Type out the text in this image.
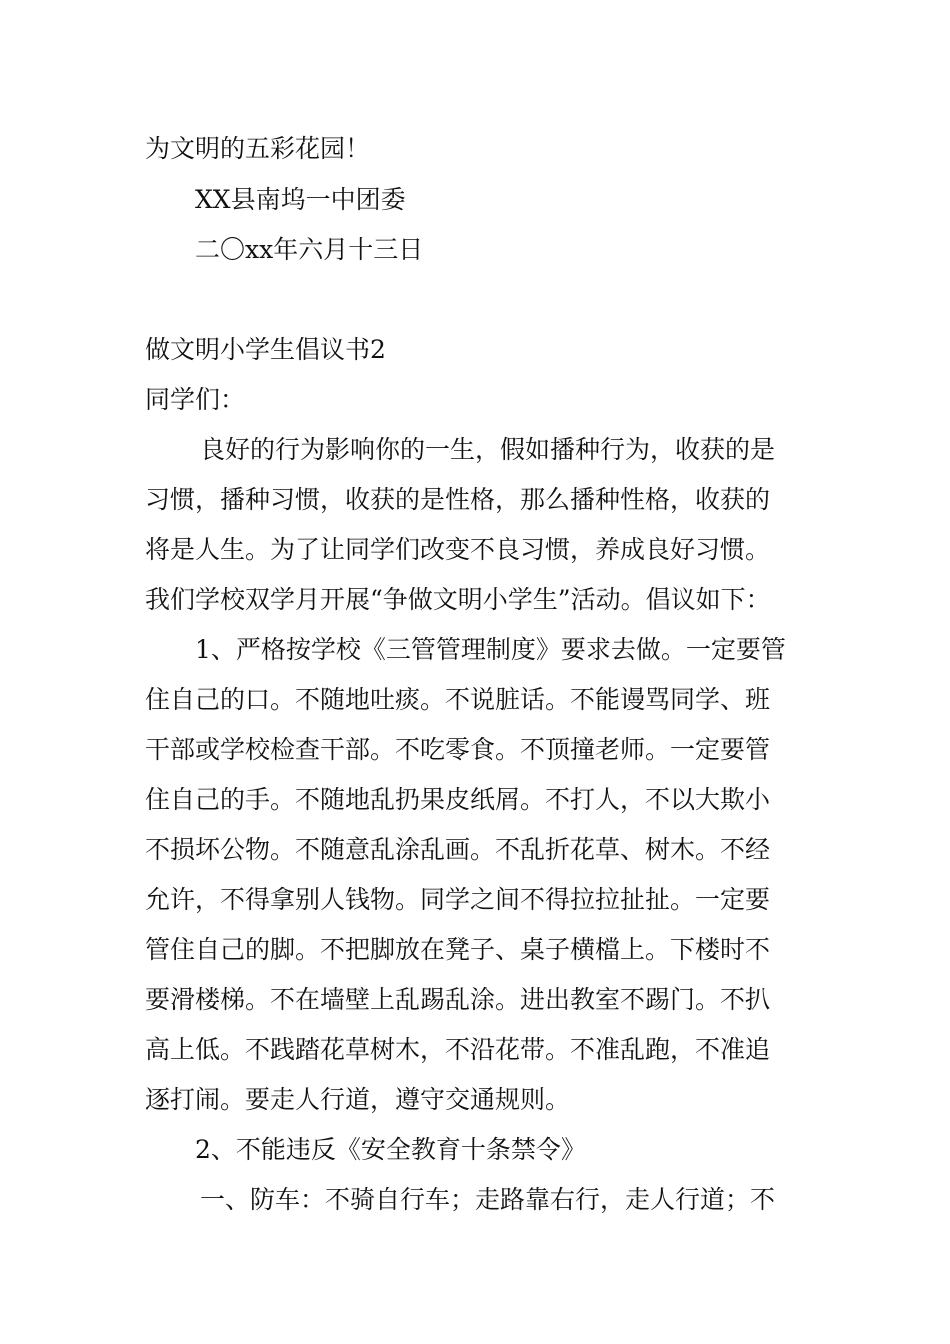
为文明的五彩花园！
XX县南坞一中团委
二〇xx年六月十三日
做文明小学生倡议书2
同学们：
良好的行为影响你的一生，假如播种行为，收获的是
习惯，播种习惯，收获的是性格，那么播种性格，收获的
将是人生。为了让同学们改变不良习惯，养成良好习惯。
我们学校双学月开展“争做文明小学生”活动。倡议如下：
1、严格按学校《三管管理制度》要求去做。一定要管
住自己的口。不随地吐痰。不说脏话。不能谩骂同学、班
干部或学校检查干部。不吃零食。不顶撞老师。一定要管
住自己的手。不随地乱扔果皮纸屑。不打人，不以大欺小
不损坏公物。不随意乱涂乱画。不乱折花草、树木。不经
允许，不得拿别人钱物。同学之间不得拉拉扯扯。一定要
管住自己的脚。不把脚放在凳子、桌子横檔上。下楼时不
要滑楼梯。不在墙壁上乱踢乱涂。进出教室不踢门。不扒
高上低。不践踏花草树木，不沿花带。不准乱跑，不准追
逐打闹。要走人行道，遵守交通规则。
2、不能违反《安全教育十条禁令》
一、防车：不骑自行车；走路靠右行，走人行道；不
